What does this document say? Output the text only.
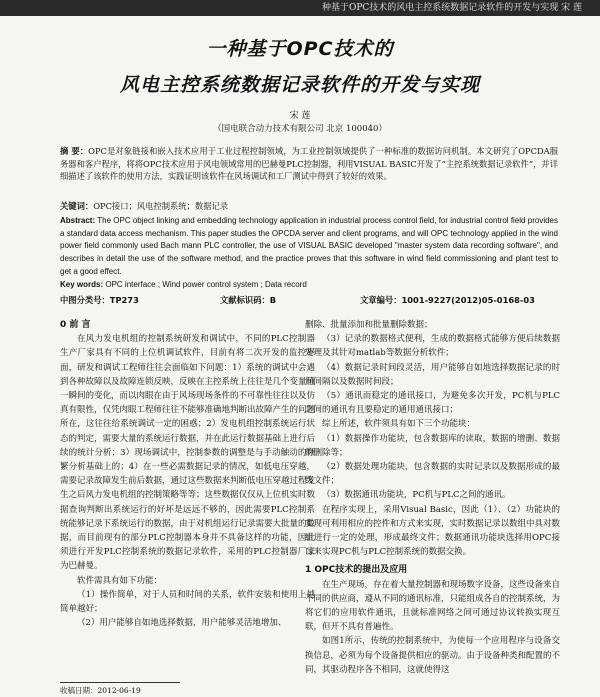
种基于OPC技术的风电主控系统数据记录软件的开发与实现 宋 莲
一种基于OPC技术的
风电主控系统数据记录软件的开发与实现
宋 莲
（国电联合动力技术有限公司 北京 100040）
摘 要：OPC是对象链接和嵌入技术应用于工业过程控制领域，为工业控制领域提供了一种标准的数据访问机制。本文研究了OPCDA服务器和客户程序，将将OPC技术应用于风电领域常用的巴赫曼PLC控制器，利用VISUAL BASIC开发了“主控系统数据记录软件”，并详细描述了该软件的使用方法，实践证明该软件在风场调试和工厂测试中得到了较好的效果。
关键词：OPC接口；风电控制系统；数据记录
Abstract: The OPC object linking and embedding technology application in industrial process control field, for industrial control field provides a standard data access mechanism. This paper studies the OPCDA server and client programs, and will OPC technology applied in the wind power field commonly used Bach mann PLC controller, the use of VISUAL BASIC developed "master system data recording software", and describes in detail the use of the software method, and the practice proves that this software in wind field commissioning and plant test to get a good effect.
Key words: OPC interface ; Wind power control system ; Data record
中图分类号：TP273	文献标识码：B	文章编号：1001-9227(2012)05-0168-03

0 前 言

在风力发电机组的控制系统研发和调试中，不同的PLC控制器生产厂家具有不同的上位机调试软件，目前有将二次开发的监控界面，研发和调试工程师往往会面临如下问题：1）系统的调试中会遇到各种故障以及故障连锁反映，反映在主控系统上往往是几个变量值一瞬间的变化，而以肉眼在由于风场现场条件的不可靠性往往以及仿真有限性，仅凭肉眼工程师往往不能够准确地判断出故障产生的问题所在，这往往给系统调试一定的困惑；2）发电机组控制系统运行状态的判定，需要大量的系统运行数据，并在此运行数据基础上进行后续的统计分析；3）现场调试中，控制参数的调整是与手动触动的频繁分析基础上的；4）在一些必需数据记录的情况，如低电压穿越，需要记录故障发生前后数据，通过这些数据来判断低电压穿越过程发生之后风力发电机组的控制策略等等；这些数据仅仅从上位机实时数据查询判断出系统运行的好坏是远远不够的，因此需要PLC控制系统能够记录下系统运行的数据，由于对机组运行记录需要大批量的数据，而目前现有的部分PLC控制器本身并不具备这样的功能，因此须进行开发PLC控制系统的数据记录软件，采用的PLC控制器厂家为巴赫曼。

软件需具有如下功能：

（1）操作简单，对于人员和时间的关系，软件安装和使用上越简单越好；

（2）用户能够自如地选择数据，用户能够灵活地增加、

删除、批量添加和批量删除数据；

（3）记录的数据格式便利，生成的数据格式能够方便后续数据处理及其针对matlab等数据分析软件；

（4）数据记录时间段灵活，用户能够自如地选择数据记录的时间间隔以及数据时间段；

（5）通讯而稳定的通讯接口，为避免多次开发，PC机与PLC之间的通讯有且要稳定的通用通讯接口；

综上所述，软件须具有如下三个功能块：

（1）数据操作功能块，包含数据库的读取，数据的增删、数据的删除等；

（2）数据处理功能块，包含数据的实时记录以及数据形成的最终文件；

（3）数据通讯功能块，PC机与PLC之间的通讯。

在程序实现上，采用Visual Basic，因此（1）、（2）功能块的实现可利用相应的控件和方式来实现，实时数据记录以数组中具对数组进行一定的处理，形成最终文件；数据通讯功能块选择用OPC接口来实现PC机与PLC控制系统的数据交换。

1 OPC技术的提出及应用

在生产现场，存在着大量控制器和现场数字设备，这些设备来自不同的供应商，遵从不同的通讯标准，只能组成各自的控制系统，为将它们的应用软件通讯，且就标准网络之间可通过协议转换实现互联，但开不具有普遍性。

如图1所示，传统的控制系统中，为使每一个应用程序与设备交换信息，必须为每个设备提供相应的驱动。由于设备种类和配置的不同，其驱动程序各不相同，这就使得这

收稿日期：2012-06-19
